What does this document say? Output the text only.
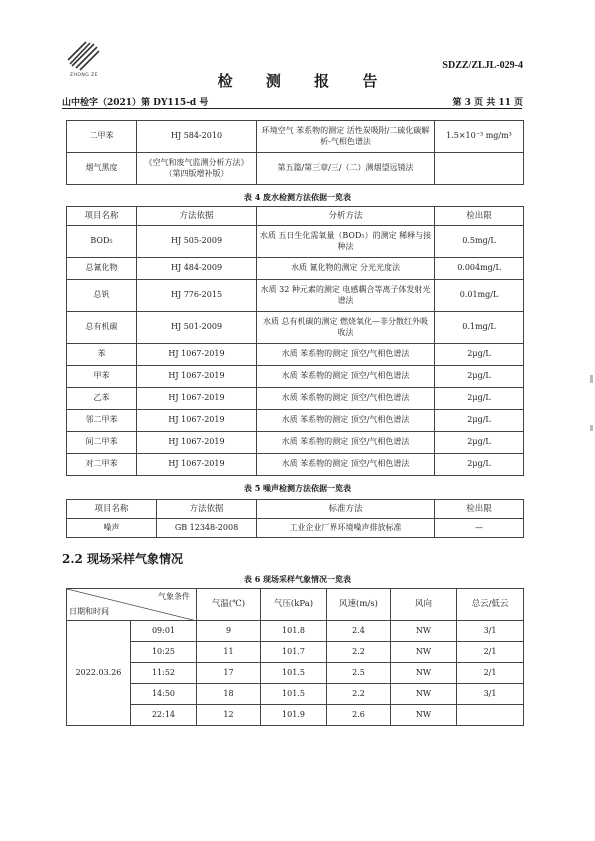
ZHONG ZE
SDZZ/ZLJL-029-4
检 测 报 告
山中检字（2021）第 DY115-d 号	第 3 页 共 11 页
二甲苯	HJ 584-2010	环境空气 苯系物的测定 活性炭吸附/二硫化碳解析-气相色谱法	1.5×10⁻³ mg/m³
烟气黑度	《空气和废气监测分析方法》（第四版增补版）	第五篇/第三章/三/（二）测烟望远镜法	
表 4 废水检测方法依据一览表
项目名称	方法依据	分析方法	检出限
BOD₅	HJ 505-2009	水质 五日生化需氧量（BOD₅）的测定 稀释与接种法	0.5mg/L
总氰化物	HJ 484-2009	水质 氰化物的测定 分光光度法	0.004mg/L
总钒	HJ 776-2015	水质 32 种元素的测定 电感耦合等离子体发射光谱法	0.01mg/L
总有机碳	HJ 501-2009	水质 总有机碳的测定 燃烧氧化—非分散红外吸收法	0.1mg/L
苯	HJ 1067-2019	水质 苯系物的测定 顶空/气相色谱法	2μg/L
甲苯	HJ 1067-2019	水质 苯系物的测定 顶空/气相色谱法	2μg/L
乙苯	HJ 1067-2019	水质 苯系物的测定 顶空/气相色谱法	2μg/L
邻二甲苯	HJ 1067-2019	水质 苯系物的测定 顶空/气相色谱法	2μg/L
间二甲苯	HJ 1067-2019	水质 苯系物的测定 顶空/气相色谱法	2μg/L
对二甲苯	HJ 1067-2019	水质 苯系物的测定 顶空/气相色谱法	2μg/L
表 5 噪声检测方法依据一览表
项目名称	方法依据	标准方法	检出限
噪声	GB 12348-2008	工业企业厂界环境噪声排放标准	—
2.2 现场采样气象情况
表 6 现场采样气象情况一览表
气象条件
日期和时间		气温(℃)	气压(kPa)	风速(m/s)	风向	总云/低云
2022.03.26	09:01	9	101.8	2.4	NW	3/1
	10:25	11	101.7	2.2	NW	2/1
	11:52	17	101.5	2.5	NW	2/1
	14:50	18	101.5	2.2	NW	3/1
	22:14	12	101.9	2.6	NW	
